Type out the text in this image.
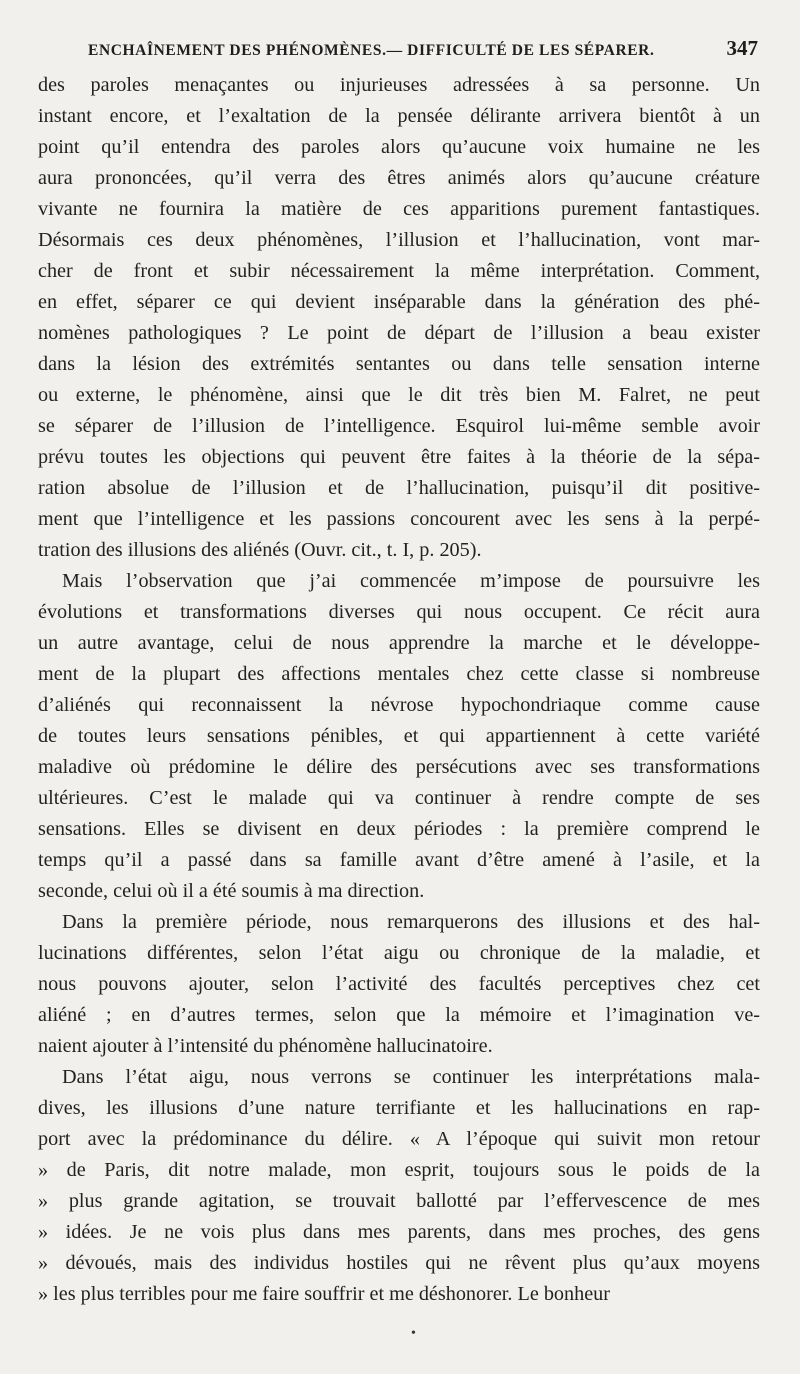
ENCHAÎNEMENT DES PHÉNOMÈNES.— DIFFICULTÉ DE LES SÉPARER.	347
des paroles menaçantes ou injurieuses adressées à sa personne. Un
instant encore, et l’exaltation de la pensée délirante arrivera bientôt à un
point qu’il entendra des paroles alors qu’aucune voix humaine ne les
aura prononcées, qu’il verra des êtres animés alors qu’aucune créature
vivante ne fournira la matière de ces apparitions purement fantastiques.
Désormais ces deux phénomènes, l’illusion et l’hallucination, vont mar-
cher de front et subir nécessairement la même interprétation. Comment,
en effet, séparer ce qui devient inséparable dans la génération des phé-
nomènes pathologiques ? Le point de départ de l’illusion a beau exister
dans la lésion des extrémités sentantes ou dans telle sensation interne
ou externe, le phénomène, ainsi que le dit très bien M. Falret, ne peut
se séparer de l’illusion de l’intelligence. Esquirol lui-même semble avoir
prévu toutes les objections qui peuvent être faites à la théorie de la sépa-
ration absolue de l’illusion et de l’hallucination, puisqu’il dit positive-
ment que l’intelligence et les passions concourent avec les sens à la perpé-
tration des illusions des aliénés (Ouvr. cit., t. I, p. 205).
Mais l’observation que j’ai commencée m’impose de poursuivre les
évolutions et transformations diverses qui nous occupent. Ce récit aura
un autre avantage, celui de nous apprendre la marche et le développe-
ment de la plupart des affections mentales chez cette classe si nombreuse
d’aliénés qui reconnaissent la névrose hypochondriaque comme cause
de toutes leurs sensations pénibles, et qui appartiennent à cette variété
maladive où prédomine le délire des persécutions avec ses transformations
ultérieures. C’est le malade qui va continuer à rendre compte de ses
sensations. Elles se divisent en deux périodes : la première comprend le
temps qu’il a passé dans sa famille avant d’être amené à l’asile, et la
seconde, celui où il a été soumis à ma direction.
Dans la première période, nous remarquerons des illusions et des hal-
lucinations différentes, selon l’état aigu ou chronique de la maladie, et
nous pouvons ajouter, selon l’activité des facultés perceptives chez cet
aliéné ; en d’autres termes, selon que la mémoire et l’imagination ve-
naient ajouter à l’intensité du phénomène hallucinatoire.
Dans l’état aigu, nous verrons se continuer les interprétations mala-
dives, les illusions d’une nature terrifiante et les hallucinations en rap-
port avec la prédominance du délire. « A l’époque qui suivit mon retour
» de Paris, dit notre malade, mon esprit, toujours sous le poids de la
» plus grande agitation, se trouvait ballotté par l’effervescence de mes
» idées. Je ne vois plus dans mes parents, dans mes proches, des gens
» dévoués, mais des individus hostiles qui ne rêvent plus qu’aux moyens
» les plus terribles pour me faire souffrir et me déshonorer. Le bonheur
•
